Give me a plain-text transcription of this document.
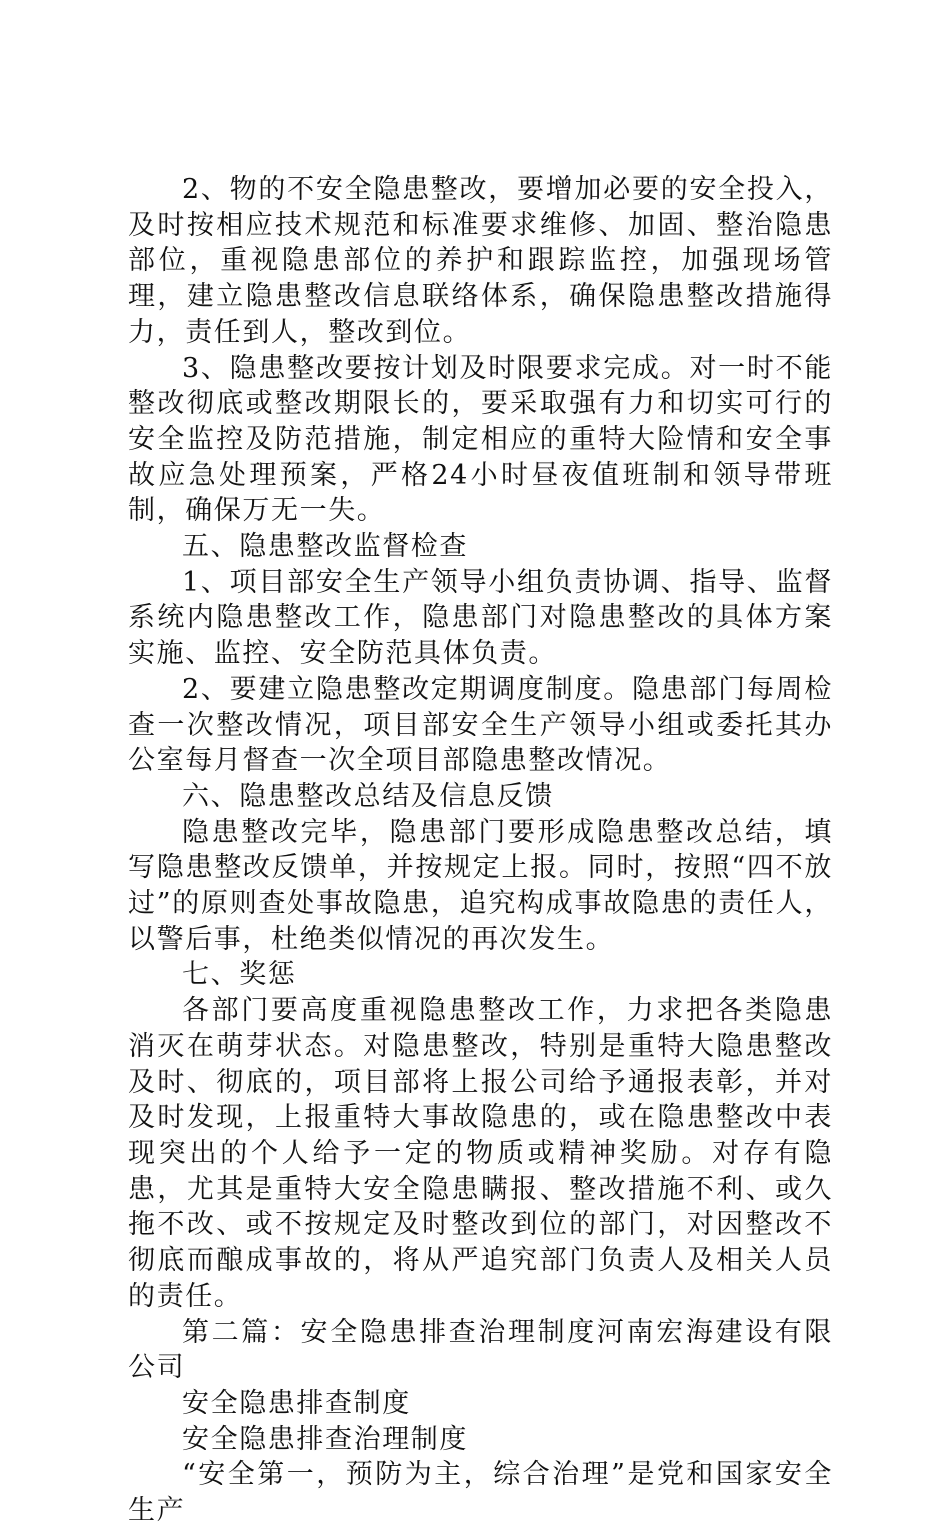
2、物的不安全隐患整改，要增加必要的安全投入，及时按相应技术规范和标准要求维修、加固、整治隐患部位，重视隐患部位的养护和跟踪监控，加强现场管理，建立隐患整改信息联络体系，确保隐患整改措施得力，责任到人，整改到位。

3、隐患整改要按计划及时限要求完成。对一时不能整改彻底或整改期限长的，要采取强有力和切实可行的安全监控及防范措施，制定相应的重特大险情和安全事故应急处理预案，严格24小时昼夜值班制和领导带班制，确保万无一失。

五、隐患整改监督检查

1、项目部安全生产领导小组负责协调、指导、监督系统内隐患整改工作，隐患部门对隐患整改的具体方案实施、监控、安全防范具体负责。

2、要建立隐患整改定期调度制度。隐患部门每周检查一次整改情况，项目部安全生产领导小组或委托其办公室每月督查一次全项目部隐患整改情况。

六、隐患整改总结及信息反馈

隐患整改完毕，隐患部门要形成隐患整改总结，填写隐患整改反馈单，并按规定上报。同时，按照“四不放过”的原则查处事故隐患，追究构成事故隐患的责任人，以警后事，杜绝类似情况的再次发生。

七、奖惩

各部门要高度重视隐患整改工作，力求把各类隐患消灭在萌芽状态。对隐患整改，特别是重特大隐患整改及时、彻底的，项目部将上报公司给予通报表彰，并对及时发现，上报重特大事故隐患的，或在隐患整改中表现突出的个人给予一定的物质或精神奖励。对存有隐患，尤其是重特大安全隐患瞒报、整改措施不利、或久拖不改、或不按规定及时整改到位的部门，对因整改不彻底而酿成事故的，将从严追究部门负责人及相关人员的责任。

第二篇：安全隐患排查治理制度河南宏海建设有限公司

安全隐患排查制度

安全隐患排查治理制度

“安全第一，预防为主，综合治理”是党和国家安全生产
